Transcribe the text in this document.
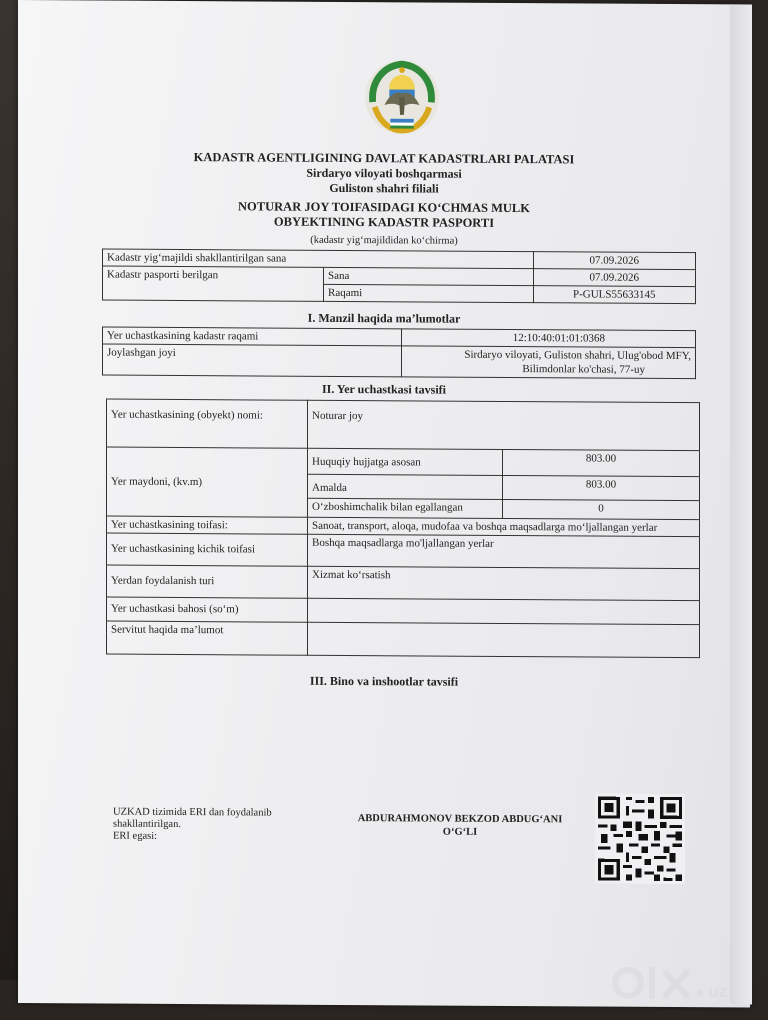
KADASTR AGENTLIGINING DAVLAT KADASTRLARI PALATASI
Sirdaryo viloyati boshqarmasi
Guliston shahri filiali
NOTURAR JOY TOIFASIDAGI KO‘CHMAS MULK
OBYEKTINING KADASTR PASPORTI
(kadastr yig‘majildidan ko‘chirma)
Kadastr yig‘majildi shakllantirilgan sana		07.09.2026
Kadastr pasporti berilgan	Sana	07.09.2026
	Raqami	P-GULS55633145
I. Manzil haqida ma’lumotlar
Yer uchastkasining kadastr raqami	12:10:40:01:01:0368
Joylashgan joyi	Sirdaryo viloyati, Guliston shahri, Ulug'obod MFY,
Bilimdonlar ko'chasi, 77-uy
II. Yer uchastkasi tavsifi
Yer uchastkasining (obyekt) nomi:	Noturar joy	
Yer maydoni, (kv.m)	Huquqiy hujjatga asosan	803.00
	Amalda	803.00
	O‘zboshimchalik bilan egallangan	0
Yer uchastkasining toifasi:	Sanoat, transport, aloqa, mudofaa va boshqa maqsadlarga mo‘ljallangan yerlar	
Yer uchastkasining kichik toifasi	Boshqa maqsadlarga mo'ljallangan yerlar	
Yerdan foydalanish turi	Xizmat ko‘rsatish	
Yer uchastkasi bahosi (so‘m)		
Servitut haqida ma’lumot		
III. Bino va inshootlar tavsifi
UZKAD tizimida ERI dan foydalanib
shakllantirilgan.
ERI egasi:
ABDURAHMONOV BEKZOD ABDUG‘ANI
O‘G‘LI
uz
